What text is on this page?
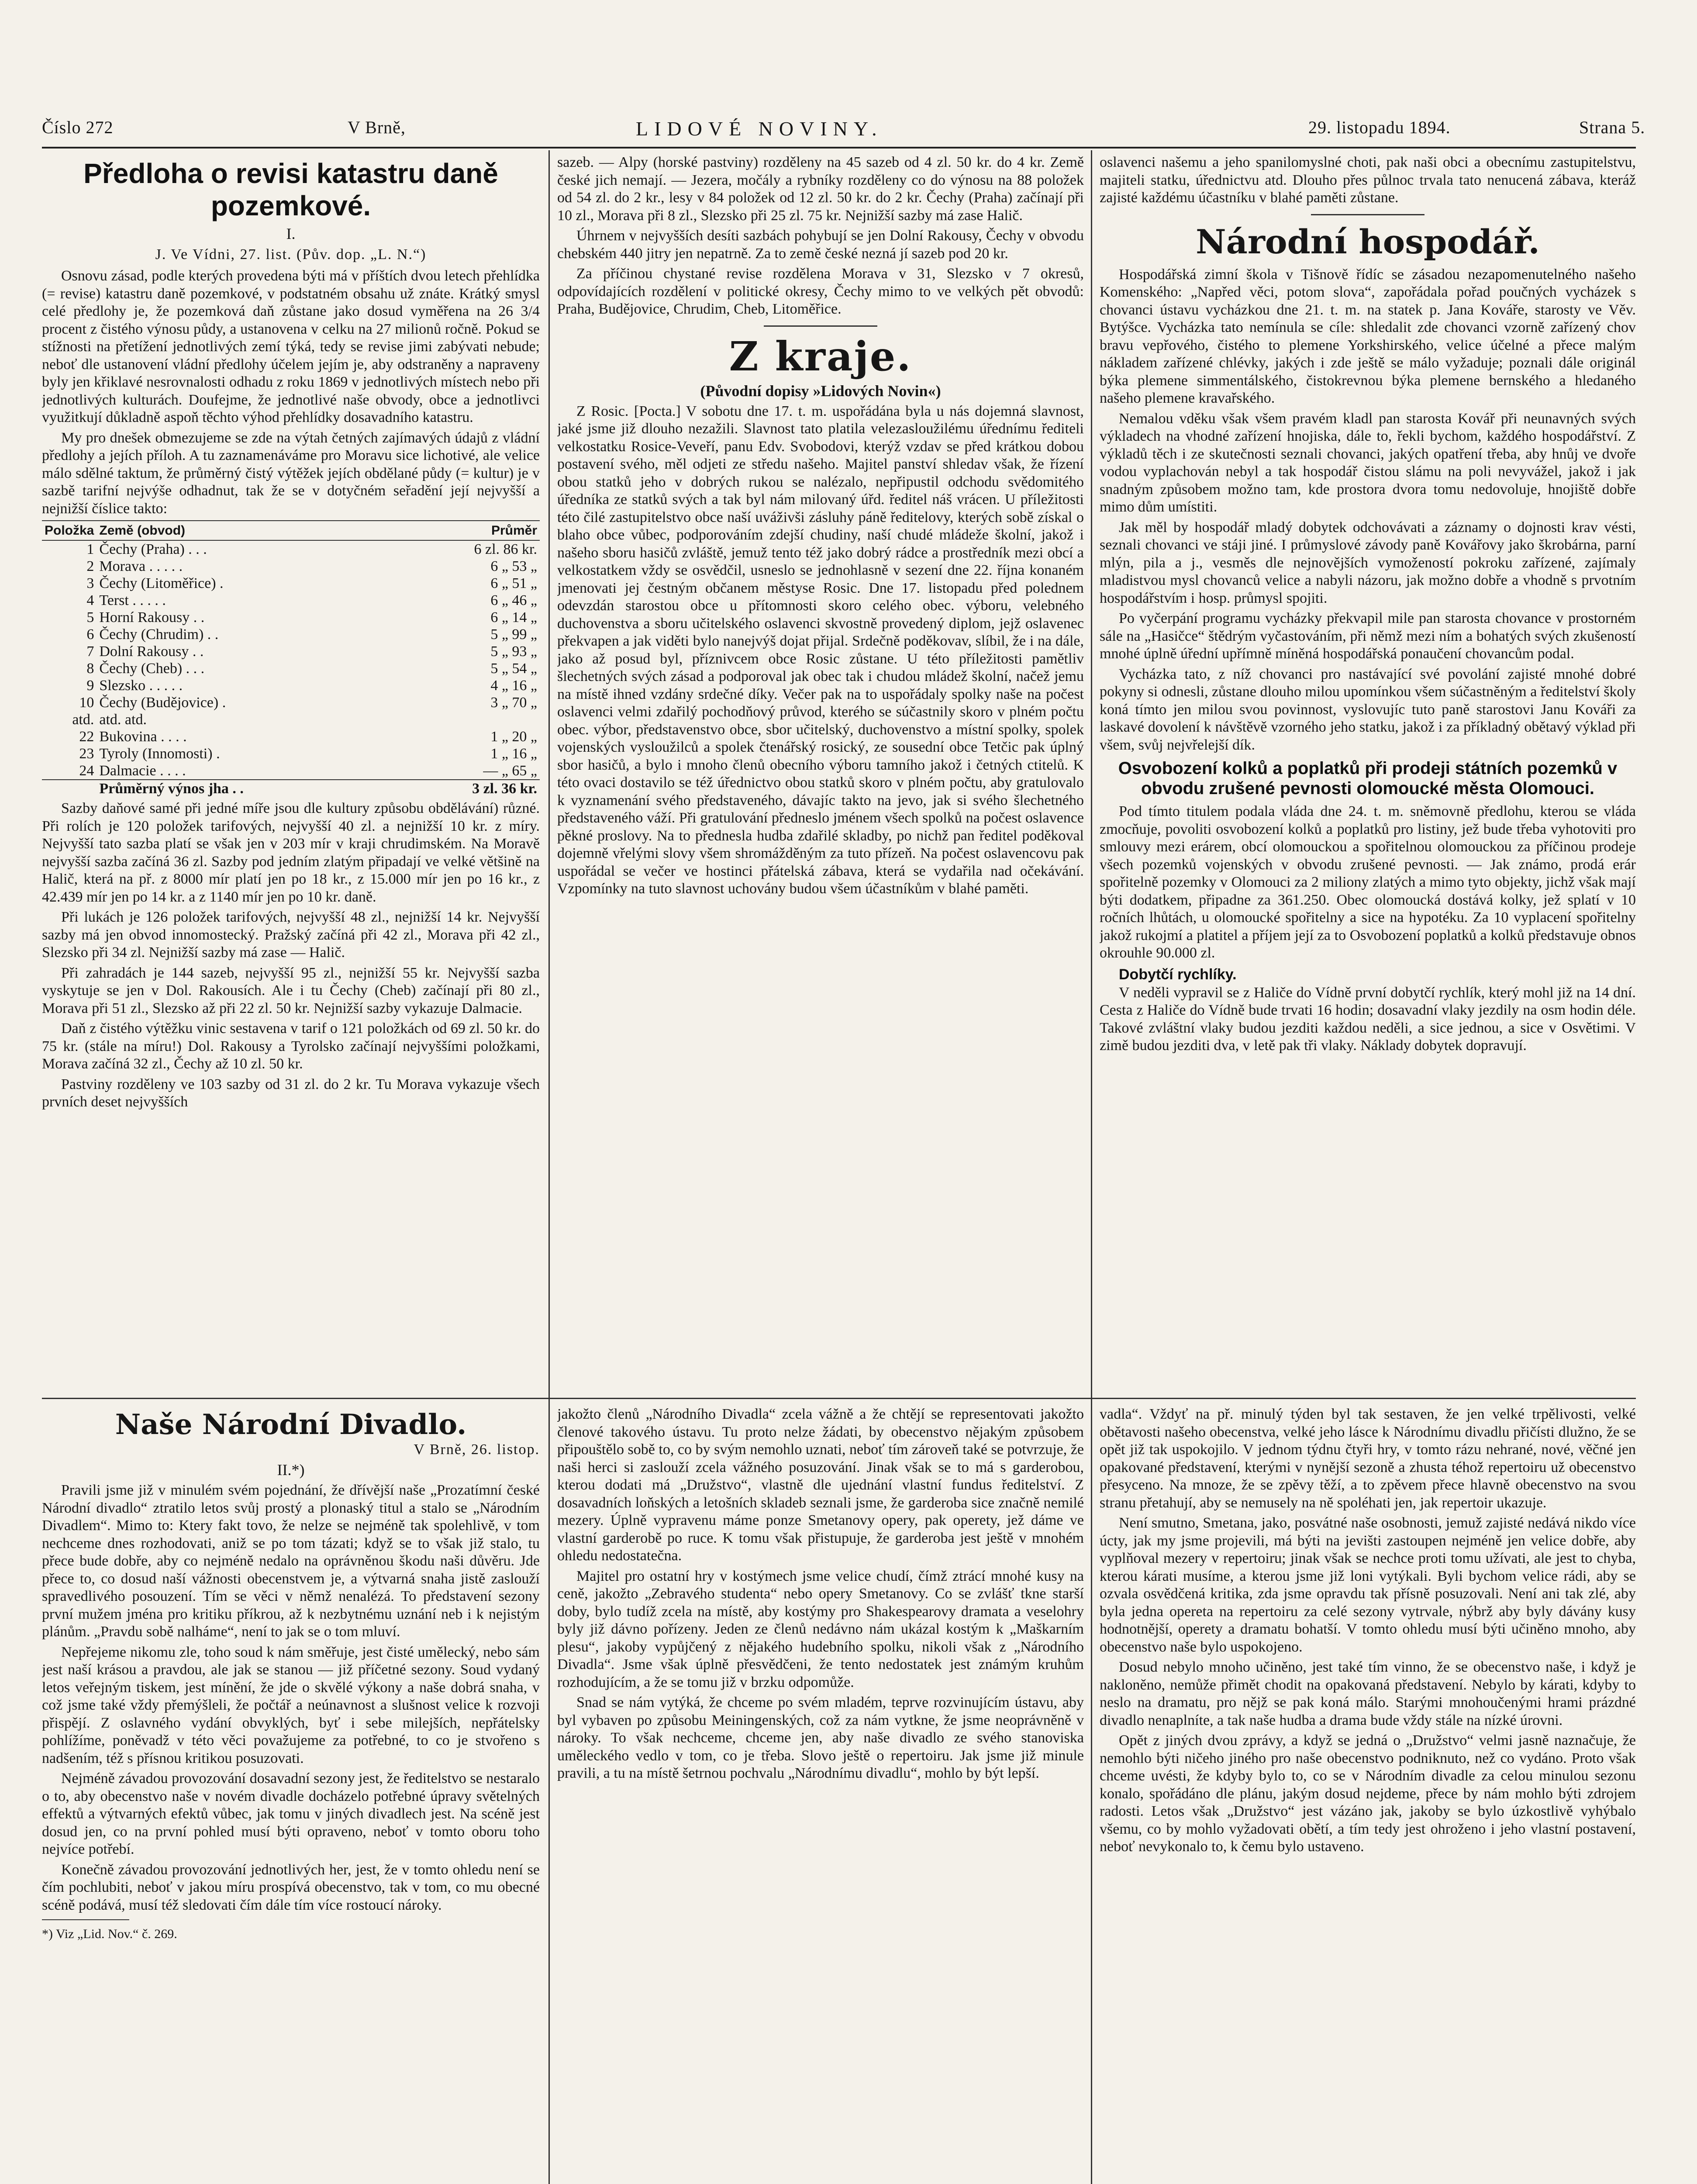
Číslo 272	V Brně,	LIDOVÉ NOVINY.	29. listopadu 1894.	Strana 5.
Předloha o revisi katastru daně pozemkové.
I.
J. Ve Vídni, 27. list. (Pův. dop. „L. N.“)

Osnovu zásad, podle kterých provedena býti má v příštích dvou letech přehlídka (= revise) katastru daně pozemkové, v podstatném obsahu už znáte. Krátký smysl celé předlohy je, že pozemková daň zůstane jako dosud vyměřena na 26 3/4 procent z čistého výnosu půdy, a ustanovena v celku na 27 milionů ročně. Pokud se stížnosti na přetížení jednotlivých zemí týká, tedy se revise jimi zabývati nebude; neboť dle ustanovení vládní předlohy účelem jejím je, aby odstraněny a napraveny byly jen křiklavé nesrovnalosti odhadu z roku 1869 v jednotlivých místech nebo při jednotlivých kulturách. Doufejme, že jednotlivé naše obvody, obce a jednotlivci využitkují důkladně aspoň těchto výhod přehlídky dosavadního katastru.

My pro dnešek obmezujeme se zde na výtah četných zajímavých údajů z vládní předlohy a jejích příloh. A tu zaznamenáváme pro Moravu sice lichotivé, ale velice málo sdělné taktum, že průměrný čistý výtěžek jejích obdělané půdy (= kultur) je v sazbě tarifní nejvýše odhadnut, tak že se v dotyčném seřadění její nejvyšší a nejnižší číslice takto:

Položka	Země (obvod)	Průměr
1	Čechy (Praha) . . .	6 zl. 86 kr.
2	Morava . . . . .	6 „ 53 „
3	Čechy (Litoměřice) .	6 „ 51 „
4	Terst . . . . .	6 „ 46 „
5	Horní Rakousy . .	6 „ 14 „
6	Čechy (Chrudim) . .	5 „ 99 „
7	Dolní Rakousy . .	5 „ 93 „
8	Čechy (Cheb) . . .	5 „ 54 „
9	Slezsko . . . . .	4 „ 16 „
10	Čechy (Budějovice) .	3 „ 70 „
atd.	atd. atd.	
22	Bukovina . . . .	1 „ 20 „
23	Tyroly (Innomosti) .	1 „ 16 „
24	Dalmacie . . . .	— „ 65 „
	Průměrný výnos jha . .	3 zl. 36 kr.

Sazby daňové samé při jedné míře jsou dle kultury způsobu obdělávání) různé. Při rolích je 120 položek tarifových, nejvyšší 40 zl. a nejnižší 10 kr. z míry. Nejvyšší tato sazba platí se však jen v 203 mír v kraji chrudimském. Na Moravě nejvyšší sazba začíná 36 zl. Sazby pod jedním zlatým připadají ve velké většině na Halič, která na př. z 8000 mír platí jen po 18 kr., z 15.000 mír jen po 16 kr., z 42.439 mír jen po 14 kr. a z 1140 mír jen po 10 kr. daně.

Při lukách je 126 položek tarifových, nejvyšší 48 zl., nejnižší 14 kr. Nejvyšší sazby má jen obvod innomostecký. Pražský začíná při 42 zl., Morava při 42 zl., Slezsko při 34 zl. Nejnižší sazby má zase — Halič.

Při zahradách je 144 sazeb, nejvyšší 95 zl., nejnižší 55 kr. Nejvyšší sazba vyskytuje se jen v Dol. Rakousích. Ale i tu Čechy (Cheb) začínají při 80 zl., Morava při 51 zl., Slezsko až při 22 zl. 50 kr. Nejnižší sazby vykazuje Dalmacie.

Daň z čistého výtěžku vinic sestavena v tarif o 121 položkách od 69 zl. 50 kr. do 75 kr. (stále na míru!) Dol. Rakousy a Tyrolsko začínají nejvyššími položkami, Morava začíná 32 zl., Čechy až 10 zl. 50 kr.

Pastviny rozděleny ve 103 sazby od 31 zl. do 2 kr. Tu Morava vykazuje všech prvních deset nejvyšších

sazeb. — Alpy (horské pastviny) rozděleny na 45 sazeb od 4 zl. 50 kr. do 4 kr. Země české jich nemají. — Jezera, močály a rybníky rozděleny co do výnosu na 88 položek od 54 zl. do 2 kr., lesy v 84 položek od 12 zl. 50 kr. do 2 kr. Čechy (Praha) začínají při 10 zl., Morava při 8 zl., Slezsko při 25 zl. 75 kr. Nejnižší sazby má zase Halič.

Úhrnem v nejvyšších desíti sazbách pohybují se jen Dolní Rakousy, Čechy v obvodu chebském 440 jitry jen nepatrně. Za to země české nezná jí sazeb pod 20 kr.

Za příčinou chystané revise rozdělena Morava v 31, Slezsko v 7 okresů, odpovídajících rozdělení v politické okresy, Čechy mimo to ve velkých pět obvodů: Praha, Budějovice, Chrudim, Cheb, Litoměřice.

Z kraje.
(Původní dopisy »Lidových Novin«)

Z Rosic. [Pocta.] V sobotu dne 17. t. m. uspořádána byla u nás dojemná slavnost, jaké jsme již dlouho nezažili. Slavnost tato platila velezasloužilému úřednímu řediteli velkostatku Rosice-Veveří, panu Edv. Svobodovi, kterýž vzdav se před krátkou dobou postavení svého, měl odjeti ze středu našeho. Majitel panství shledav však, že řízení obou statků jeho v dobrých rukou se nalézalo, nepřipustil odchodu svědomitého úředníka ze statků svých a tak byl nám milovaný úřd. ředitel náš vrácen. U příležitosti této čilé zastupitelstvo obce naší uváživši zásluhy páně ředitelovy, kterých sobě získal o blaho obce vůbec, podporováním zdejší chudiny, naší chudé mládeže školní, jakož i našeho sboru hasičů zvláště, jemuž tento též jako dobrý rádce a prostředník mezi obcí a velkostatkem vždy se osvědčil, usneslo se jednohlasně v sezení dne 22. října konaném jmenovati jej čestným občanem městyse Rosic. Dne 17. listopadu před polednem odevzdán starostou obce u přítomnosti skoro celého obec. výboru, velebného duchovenstva a sboru učitelského oslavenci skvostně provedený diplom, jejž oslavenec překvapen a jak viděti bylo nanejvýš dojat přijal. Srdečně poděkovav, slíbil, že i na dále, jako až posud byl, příznivcem obce Rosic zůstane. U této příležitosti pamětliv šlechetných svých zásad a podporoval jak obec tak i chudou mládež školní, načež jemu na místě ihned vzdány srdečné díky. Večer pak na to uspořádaly spolky naše na počest oslavenci velmi zdařilý pochodňový průvod, kterého se súčastnily skoro v plném počtu obec. výbor, představenstvo obce, sbor učitelský, duchovenstvo a místní spolky, spolek vojenských vysloužilců a spolek čtenářský rosický, ze sousední obce Tetčic pak úplný sbor hasičů, a bylo i mnoho členů obecního výboru tamního jakož i četných ctitelů. K této ovaci dostavilo se též úřednictvo obou statků skoro v plném počtu, aby gratulovalo k vyznamenání svého představeného, dávajíc takto na jevo, jak si svého šlechetného představeného váží. Při gratulování předneslo jménem všech spolků na počest oslavence pěkné proslovy. Na to přednesla hudba zdařilé skladby, po nichž pan ředitel poděkoval dojemně vřelými slovy všem shromážděným za tuto přízeň. Na počest oslavencovu pak uspořádal se večer ve hostinci přátelská zábava, která se vydařila nad očekávání. Vzpomínky na tuto slavnost uchovány budou všem účastníkům v blahé paměti.

oslavenci našemu a jeho spanilomyslné choti, pak naši obci a obecnímu zastupitelstvu, majiteli statku, úřednictvu atd. Dlouho přes půlnoc trvala tato nenucená zábava, kteráž zajisté každému účastníku v blahé paměti zůstane.

Národní hospodář.

Hospodářská zimní škola v Tišnově řídíc se zásadou nezapomenutelného našeho Komenského: „Napřed věci, potom slova“, zapořádala pořad poučných vycházek s chovanci ústavu vycházkou dne 21. t. m. na statek p. Jana Kováře, starosty ve Věv. Bytýšce. Vycházka tato nemínula se cíle: shledalit zde chovanci vzorně zařízený chov bravu vepřového, čistého to plemene Yorkshirského, velice účelné a přece malým nákladem zařízené chlévky, jakých i zde ještě se málo vyžaduje; poznali dále originál býka plemene simmentálského, čistokrevnou býka plemene bernského a hledaného našeho plemene kravařského.

Nemalou vděku však všem pravém kladl pan starosta Kovář při neunavných svých výkladech na vhodné zařízení hnojiska, dále to, řekli bychom, každého hospodářství. Z výkladů těch i ze skutečnosti seznali chovanci, jakých opatření třeba, aby hnůj ve dvoře vodou vyplachován nebyl a tak hospodář čistou slámu na poli nevyvážel, jakož i jak snadným způsobem možno tam, kde prostora dvora tomu nedovoluje, hnojiště dobře mimo dům umístiti.

Jak měl by hospodář mladý dobytek odchovávati a záznamy o dojnosti krav vésti, seznali chovanci ve stáji jiné. I průmyslové závody paně Kovářovy jako škrobárna, parní mlýn, pila a j., vesměs dle nejnovějších vymožeností pokroku zařízené, zajímaly mladistvou mysl chovanců velice a nabyli názoru, jak možno dobře a vhodně s prvotním hospodářstvím i hosp. průmysl spojiti.

Po vyčerpání programu vycházky překvapil mile pan starosta chovance v prostorném sále na „Hasičce“ štědrým vyčastováním, při němž mezi ním a bohatých svých zkušeností mnohé úplně úřední upřímně míněná hospodářská ponaučení chovancům podal.

Vycházka tato, z níž chovanci pro nastávající své povolání zajisté mnohé dobré pokyny si odnesli, zůstane dlouho milou upomínkou všem súčastněným a ředitelství školy koná tímto jen milou svou povinnost, vyslovujíc tuto paně starostovi Janu Kováři za laskavé dovolení k návštěvě vzorného jeho statku, jakož i za příkladný obětavý výklad při všem, svůj nejvřelejší dík.

Osvobození kolků a poplatků při prodeji státních pozemků v obvodu zrušené pevnosti olomoucké města Olomouci.

Pod tímto titulem podala vláda dne 24. t. m. sněmovně předlohu, kterou se vláda zmocňuje, povoliti osvobození kolků a poplatků pro listiny, jež bude třeba vyhotoviti pro smlouvy mezi erárem, obcí olomouckou a spořitelnou olomouckou za příčinou prodeje všech pozemků vojenských v obvodu zrušené pevnosti. — Jak známo, prodá erár spořitelně pozemky v Olomouci za 2 miliony zlatých a mimo tyto objekty, jichž však mají býti dodatkem, připadne za 361.250. Obec olomoucká dostává kolky, jež splatí v 10 ročních lhůtách, u olomoucké spořitelny a sice na hypotéku. Za 10 vyplacení spořitelny jakož rukojmí a platitel a příjem její za to Osvobození poplatků a kolků představuje obnos okrouhle 90.000 zl.

Dobytčí rychlíky.

V neděli vypravil se z Haliče do Vídně první dobytčí rychlík, který mohl již na 14 dní. Cesta z Haliče do Vídně bude trvati 16 hodin; dosavadní vlaky jezdily na osm hodin déle. Takové zvláštní vlaky budou jezditi každou neděli, a sice jednou, a sice v Osvětimi. V zimě budou jezditi dva, v letě pak tři vlaky. Náklady dobytek dopravují.

Naše Národní Divadlo.
V Brně, 26. listop.
II.*)

Pravili jsme již v minulém svém pojednání, že dřívější naše „Prozatímní české Národní divadlo“ ztratilo letos svůj prostý a plonaský titul a stalo se „Národním Divadlem“. Mimo to: Ktery fakt tovo, že nelze se nejméně tak spolehlivě, v tom nechceme dnes rozhodovati, aniž se po tom tázati; když se to však již stalo, tu přece bude dobře, aby co nejméně nedalo na oprávněnou škodu naši důvěru. Jde přece to, co dosud naší vážnosti obecenstvem je, a výtvarná snaha jistě zaslouží spravedlivého posouzení. Tím se věci v němž nenalézá. To představení sezony první mužem jména pro kritiku příkrou, až k nezbytnému uznání neb i k nejistým plánům. „Pravdu sobě nalháme“, není to jak se o tom mluví.

Nepřejeme nikomu zle, toho soud k nám směřuje, jest čisté umělecký, nebo sám jest naší krásou a pravdou, ale jak se stanou — již příčetné sezony. Soud vydaný letos veřejným tiskem, jest mínění, že jde o skvělé výkony a naše dobrá snaha, v což jsme také vždy přemýšleli, že počtář a neúnavnost a slušnost velice k rozvoji přispějí. Z oslavného vydání obvyklých, byť i sebe milejších, nepřátelsky pohlížíme, poněvadž v této věci považujeme za potřebné, to co je stvořeno s nadšením, též s přísnou kritikou posuzovati.

Nejméně závadou provozování dosavadní sezony jest, že ředitelstvo se nestaralo o to, aby obecenstvo naše v novém divadle docházelo potřebné úpravy světelných effektů a výtvarných efektů vůbec, jak tomu v jiných divadlech jest. Na scéně jest dosud jen, co na první pohled musí býti opraveno, neboť v tomto oboru toho nejvíce potřebí.

Konečně závadou provozování jednotlivých her, jest, že v tomto ohledu není se čím pochlubiti, neboť v jakou míru prospívá obecenstvo, tak v tom, co mu obecné scéně podává, musí též sledovati čím dále tím více rostoucí nároky.

*) Viz „Lid. Nov.“ č. 269.

jakožto členů „Národního Divadla“ zcela vážně a že chtějí se representovati jakožto členové takového ústavu. Tu proto nelze žádati, by obecenstvo nějakým způsobem připouštělo sobě to, co by svým nemohlo uznati, neboť tím zároveň také se potvrzuje, že naši herci si zaslouží zcela vážného posuzování. Jinak však se to má s garderobou, kterou dodati má „Družstvo“, vlastně dle ujednání vlastní fundus ředitelství. Z dosavadních loňských a letošních skladeb seznali jsme, že garderoba sice značně nemilé mezery. Úplně vypravenu máme ponze Smetanovy opery, pak operety, jež dáme ve vlastní garderobě po ruce. K tomu však přistupuje, že garderoba jest ještě v mnohém ohledu nedostatečna.

Majitel pro ostatní hry v kostýmech jsme velice chudí, čímž ztrácí mnohé kusy na ceně, jakožto „Zebravého studenta“ nebo opery Smetanovy. Co se zvlášť tkne starší doby, bylo tudíž zcela na místě, aby kostýmy pro Shakespearovy dramata a veselohry byly již dávno pořízeny. Jeden ze členů nedávno nám ukázal kostým k „Maškarním plesu“, jakoby vypůjčený z nějakého hudebního spolku, nikoli však z „Národního Divadla“. Jsme však úplně přesvědčeni, že tento nedostatek jest známým kruhům rozhodujícím, a že se tomu již v brzku odpomůže.

Snad se nám vytýká, že chceme po svém mladém, teprve rozvinujícím ústavu, aby byl vybaven po způsobu Meiningenských, což za nám vytkne, že jsme neoprávněně v nároky. To však nechceme, chceme jen, aby naše divadlo ze svého stanoviska uměleckého vedlo v tom, co je třeba. Slovo ještě o repertoiru. Jak jsme již minule pravili, a tu na místě šetrnou pochvalu „Národnímu divadlu“, mohlo by být lepší.

vadla“. Vždyť na př. minulý týden byl tak sestaven, že jen velké trpělivosti, velké obětavosti našeho obecenstva, velké jeho lásce k Národnímu divadlu přičísti dlužno, že se opět již tak uspokojilo. V jednom týdnu čtyři hry, v tomto rázu nehrané, nové, věčné jen opakované představení, kterými v nynější sezoně a zhusta téhož repertoiru už obecenstvo přesyceno. Na mnoze, že se zpěvy těží, a to zpěvem přece hlavně obecenstvo na svou stranu přetahují, aby se nemusely na ně spoléhati jen, jak repertoir ukazuje.

Není smutno, Smetana, jako, posvátné naše osobnosti, jemuž zajisté nedává nikdo více úcty, jak my jsme projevili, má býti na jevišti zastoupen nejméně jen velice dobře, aby vyplňoval mezery v repertoiru; jinak však se nechce proti tomu užívati, ale jest to chyba, kterou kárati musíme, a kterou jsme již loni vytýkali. Byli bychom velice rádi, aby se ozvala osvědčená kritika, zda jsme opravdu tak přísně posuzovali. Není ani tak zlé, aby byla jedna opereta na repertoiru za celé sezony vytrvale, nýbrž aby byly dávány kusy hodnotnější, operety a dramatu bohatší. V tomto ohledu musí býti učiněno mnoho, aby obecenstvo naše bylo uspokojeno.

Dosud nebylo mnoho učiněno, jest také tím vinno, že se obecenstvo naše, i když je nakloněno, nemůže přimět chodit na opakovaná představení. Nebylo by kárati, kdyby to neslo na dramatu, pro nějž se pak koná málo. Starými mnohoučenými hrami prázdné divadlo nenaplníte, a tak naše hudba a drama bude vždy stále na nízké úrovni.

Opět z jiných dvou zprávy, a když se jedná o „Družstvo“ velmi jasně naznačuje, že nemohlo býti ničeho jiného pro naše obecenstvo podniknuto, než co vydáno. Proto však chceme uvésti, že kdyby bylo to, co se v Národním divadle za celou minulou sezonu konalo, spořádáno dle plánu, jakým dosud nejdeme, přece by nám mohlo býti zdrojem radosti. Letos však „Družstvo“ jest vázáno jak, jakoby se bylo úzkostlivě vyhýbalo všemu, co by mohlo vyžadovati obětí, a tím tedy jest ohroženo i jeho vlastní postavení, neboť nevykonalo to, k čemu bylo ustaveno.
